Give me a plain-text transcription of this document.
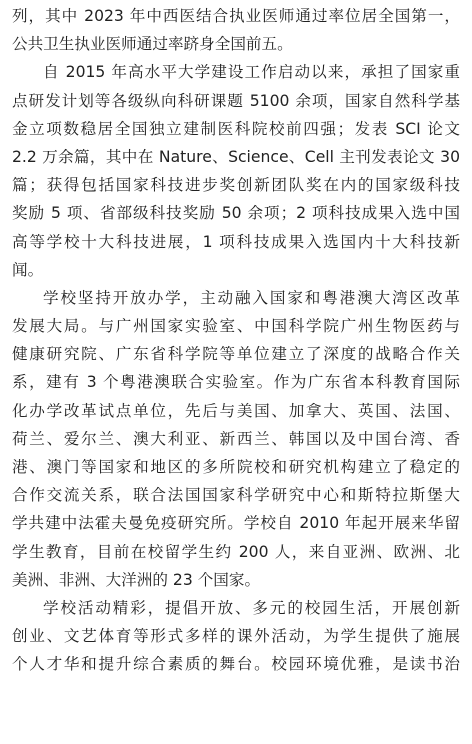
列，其中 2023 年中西医结合执业医师通过率位居全国第一，
公共卫生执业医师通过率跻身全国前五。
自 2015 年高水平大学建设工作启动以来，承担了国家重
点研发计划等各级纵向科研课题 5100 余项，国家自然科学基
金立项数稳居全国独立建制医科院校前四强；发表 SCI 论文
2.2 万余篇，其中在 Nature、Science、Cell 主刊发表论文 30
篇；获得包括国家科技进步奖创新团队奖在内的国家级科技
奖励 5 项、省部级科技奖励 50 余项；2 项科技成果入选中国
高等学校十大科技进展，1 项科技成果入选国内十大科技新
闻。
学校坚持开放办学，主动融入国家和粤港澳大湾区改革
发展大局。与广州国家实验室、中国科学院广州生物医药与
健康研究院、广东省科学院等单位建立了深度的战略合作关
系，建有 3 个粤港澳联合实验室。作为广东省本科教育国际
化办学改革试点单位，先后与美国、加拿大、英国、法国、
荷兰、爱尔兰、澳大利亚、新西兰、韩国以及中国台湾、香
港、澳门等国家和地区的多所院校和研究机构建立了稳定的
合作交流关系，联合法国国家科学研究中心和斯特拉斯堡大
学共建中法霍夫曼免疫研究所。学校自 2010 年起开展来华留
学生教育，目前在校留学生约 200 人，来自亚洲、欧洲、北
美洲、非洲、大洋洲的 23 个国家。
学校活动精彩，提倡开放、多元的校园生活，开展创新
创业、文艺体育等形式多样的课外活动，为学生提供了施展
个人才华和提升综合素质的舞台。校园环境优雅，是读书治
